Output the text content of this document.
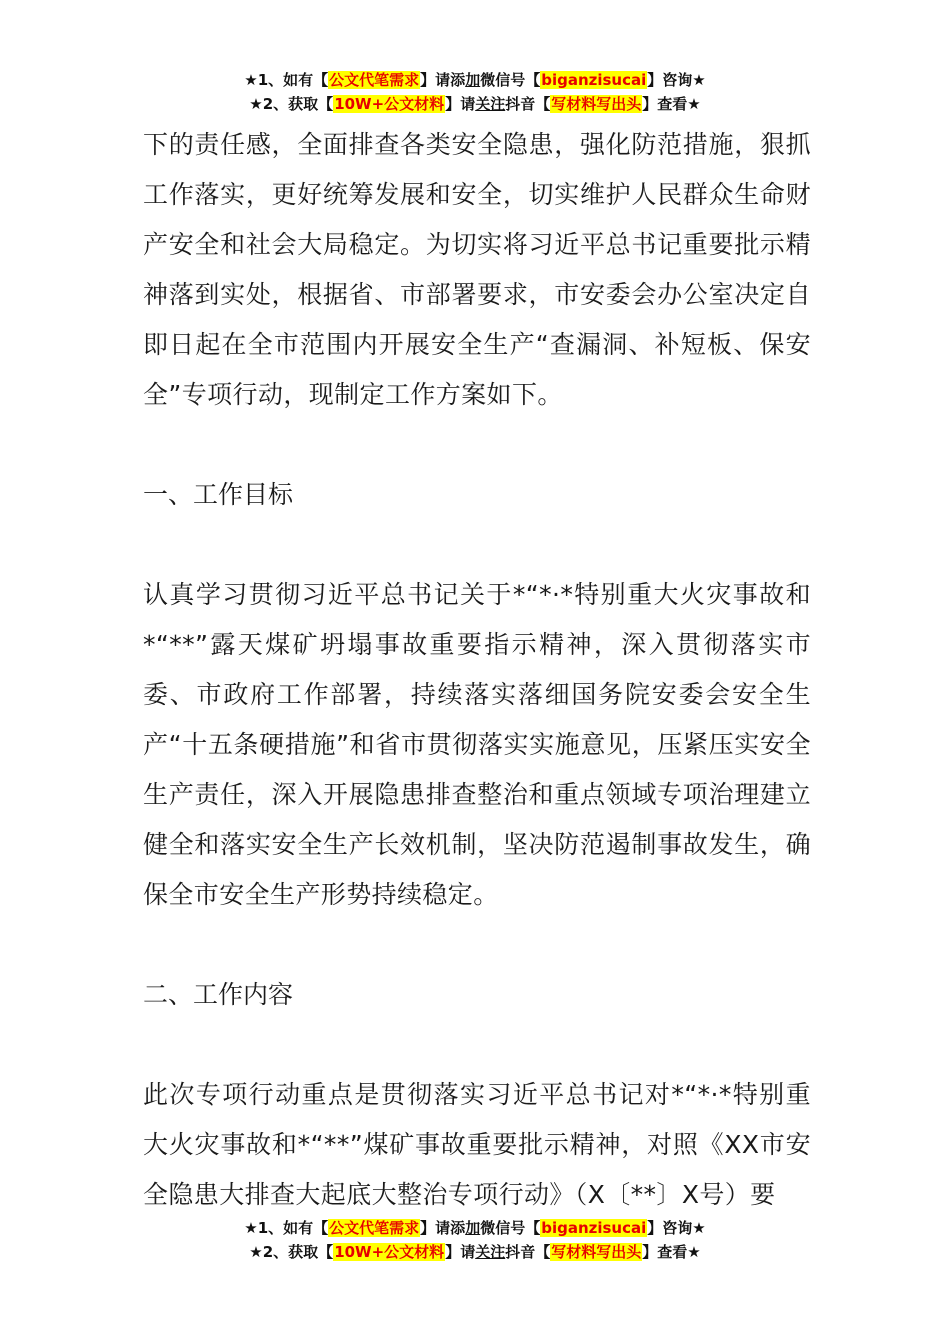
★1、如有【公文代笔需求】请添加微信号【biganzisucai】咨询★
★2、获取【10W+公文材料】请关注抖音【写材料写出头】查看★

下的责任感，全面排查各类安全隐患，强化防范措施，狠抓工作落实，更好统筹发展和安全，切实维护人民群众生命财产安全和社会大局稳定。为切实将习近平总书记重要批示精神落到实处，根据省、市部署要求，市安委会办公室决定自即日起在全市范围内开展安全生产“查漏洞、补短板、保安全”专项行动，现制定工作方案如下。

一、工作目标

认真学习贯彻习近平总书记关于*“*·*特别重大火灾事故和*“**”露天煤矿坍塌事故重要指示精神，深入贯彻落实市委、市政府工作部署，持续落实落细国务院安委会安全生产“十五条硬措施”和省市贯彻落实实施意见，压紧压实安全生产责任，深入开展隐患排查整治和重点领域专项治理建立健全和落实安全生产长效机制，坚决防范遏制事故发生，确保全市安全生产形势持续稳定。

二、工作内容

此次专项行动重点是贯彻落实习近平总书记对*“*·*特别重大火灾事故和*“**”煤矿事故重要批示精神，对照《XX市安全隐患大排查大起底大整治专项行动》（X〔**〕X号）要

★1、如有【公文代笔需求】请添加微信号【biganzisucai】咨询★
★2、获取【10W+公文材料】请关注抖音【写材料写出头】查看★
